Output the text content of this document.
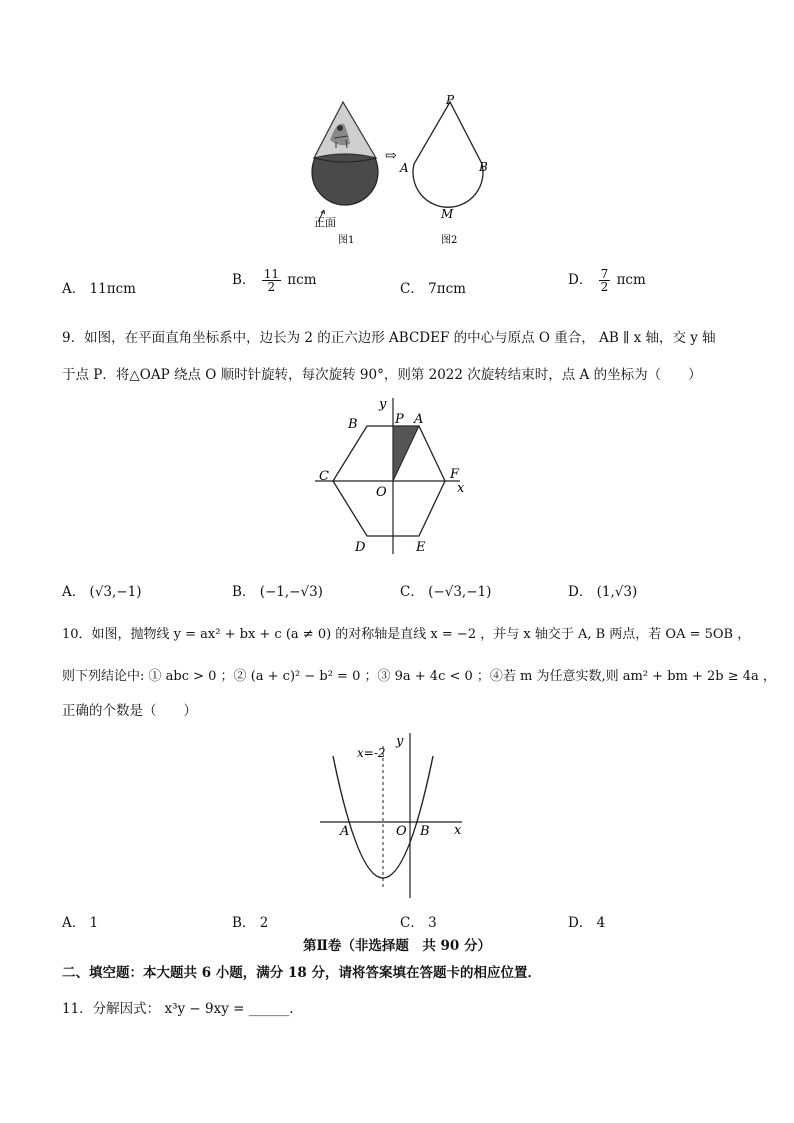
正面
图1
⇨
P
A	B
M
图2
A． 11πcm
B． $\frac{11}{2}$ πcm
C． 7πcm
D． $\frac{7}{2}$ πcm
9．如图，在平面直角坐标系中，边长为 2 的正六边形 ABCDEF 的中心与原点 O 重合， AB ∥ x 轴，交 y 轴
于点 P．将△OAP 绕点 O 顺时针旋转，每次旋转 90°，则第 2022 次旋转结束时，点 A 的坐标为（　　）
y
x
P A
B
C	F
O
D	E
A． (√3,−1)	B． (−1,−√3)	C． (−√3,−1)	D． (1,√3)
10．如图，抛物线 y = ax² + bx + c (a ≠ 0) 的对称轴是直线 x = −2 ，并与 x 轴交于 A, B 两点，若 OA = 5OB ，
则下列结论中: ① abc > 0 ；② (a + c)² − b² = 0 ；③ 9a + 4c < 0 ；④若 m 为任意实数,则 am² + bm + 2b ≥ 4a ，
正确的个数是（　　）
x=-2
y
x
A	O B
A． 1	B． 2	C． 3	D． 4
第Ⅱ卷（非选择题　共 90 分）
二、填空题：本大题共 6 小题，满分 18 分，请将答案填在答题卡的相应位置．
11．分解因式： x³y − 9xy = ______．
